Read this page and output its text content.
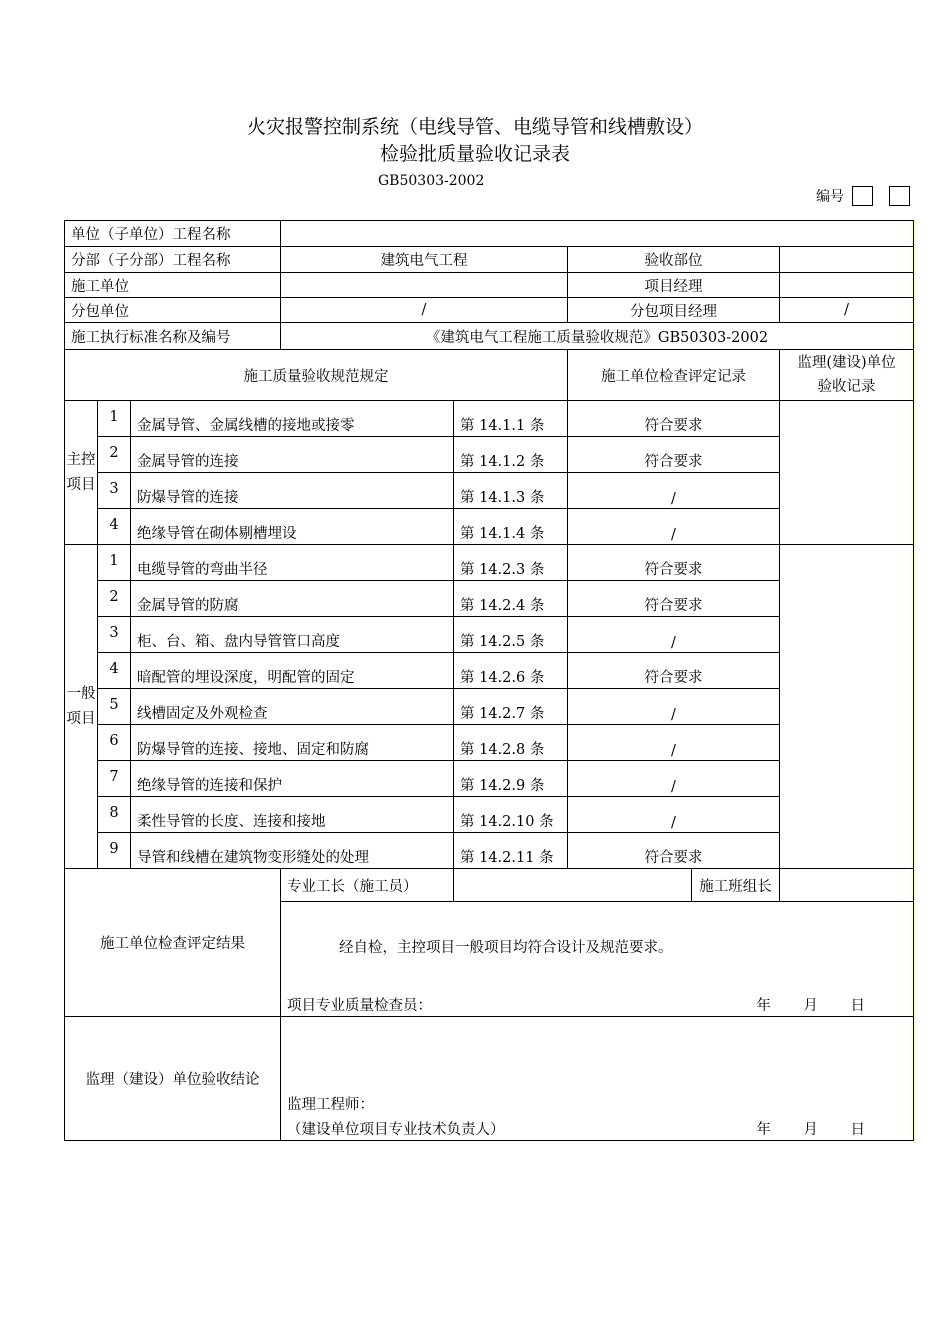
火灾报警控制系统（电线导管、电缆导管和线槽敷设）
检验批质量验收记录表
GB50303-2002
编号
单位（子单位）工程名称							
分部（子分部）工程名称			建筑电气工程		验收部位		
施工单位					项目经理		
分包单位			/		分包项目经理		/
施工执行标准名称及编号			《建筑电气工程施工质量验收规范》GB50303-2002				
施工质量验收规范规定					施工单位检查评定记录		监理(建设)单位
验收记录

主控项目	1	金属导管、金属线槽的接地或接零		第 14.1.1 条	符合要求		
	2	金属导管的连接		第 14.1.2 条	符合要求		
	3	防爆导管的连接		第 14.1.3 条	/		
	4	绝缘导管在砌体剔槽埋设		第 14.1.4 条	/		
一般项目	1	电缆导管的弯曲半径		第 14.2.3 条	符合要求		
	2	金属导管的防腐		第 14.2.4 条	符合要求		
	3	柜、台、箱、盘内导管管口高度		第 14.2.5 条	/		
	4	暗配管的埋设深度，明配管的固定		第 14.2.6 条	符合要求		
	5	线槽固定及外观检查		第 14.2.7 条	/		
	6	防爆导管的连接、接地、固定和防腐		第 14.2.8 条	/		
	7	绝缘导管的连接和保护		第 14.2.9 条	/		
	8	柔性导管的长度、连接和接地		第 14.2.10 条	/		
	9	导管和线槽在建筑物变形缝处的处理		第 14.2.11 条	符合要求		
施工单位检查评定结果			专业工长（施工员）			施工班组长	

			经自检，主控项目一般项目均符合设计及规范要求。
项目专业质量检查员： 年 月 日				

监理（建设）单位验收结论			监理工程师：
（建设单位项目专业技术负责人） 年 月 日				
